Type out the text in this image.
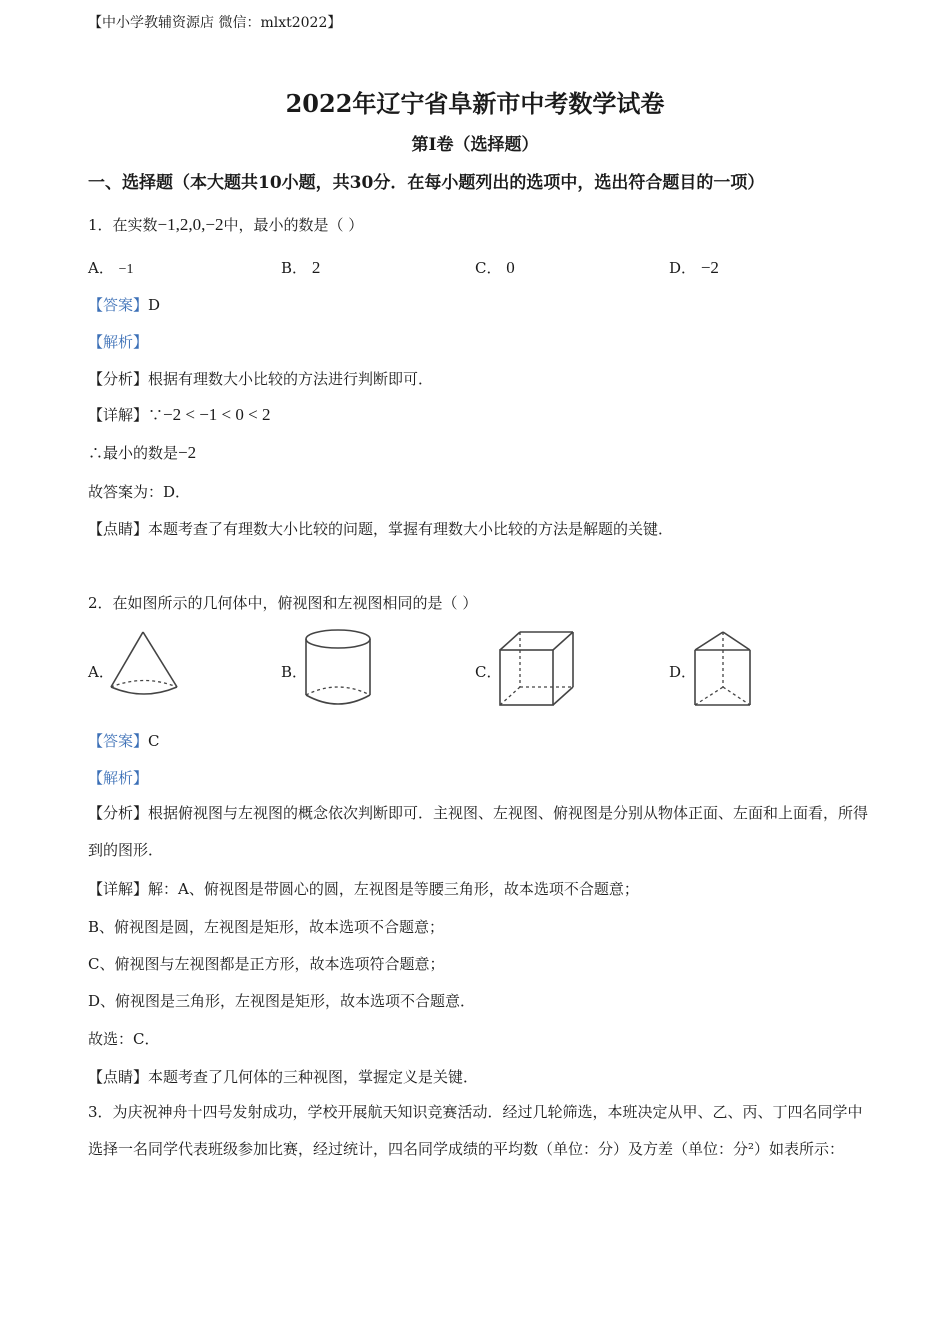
【中小学教辅资源店 微信：mlxt2022】
2022年辽宁省阜新市中考数学试卷
第Ⅰ卷（选择题）
一、选择题（本大题共10小题，共30分．在每小题列出的选项中，选出符合题目的一项）
1．在实数−1,2,0,−2中，最小的数是（ ）
A． −1	B． 2	C． 0	D． −2
【答案】D
【解析】
【分析】根据有理数大小比较的方法进行判断即可．
【详解】∵−2 < −1 < 0 < 2
∴最小的数是−2
故答案为：D．
【点睛】本题考查了有理数大小比较的问题，掌握有理数大小比较的方法是解题的关键．
2．在如图所示的几何体中，俯视图和左视图相同的是（ ）
A．	B．	C．	D．
【答案】C
【解析】
【分析】根据俯视图与左视图的概念依次判断即可．主视图、左视图、俯视图是分别从物体正面、左面和上面看，所得到的图形．
【详解】解：A、俯视图是带圆心的圆，左视图是等腰三角形，故本选项不合题意；
B、俯视图是圆，左视图是矩形，故本选项不合题意；
C、俯视图与左视图都是正方形，故本选项符合题意；
D、俯视图是三角形，左视图是矩形，故本选项不合题意．
故选：C．
【点睛】本题考查了几何体的三种视图，掌握定义是关键．
3．为庆祝神舟十四号发射成功，学校开展航天知识竞赛活动．经过几轮筛选，本班决定从甲、乙、丙、丁四名同学中选择一名同学代表班级参加比赛，经过统计，四名同学成绩的平均数（单位：分）及方差（单位：分²）如表所示：
